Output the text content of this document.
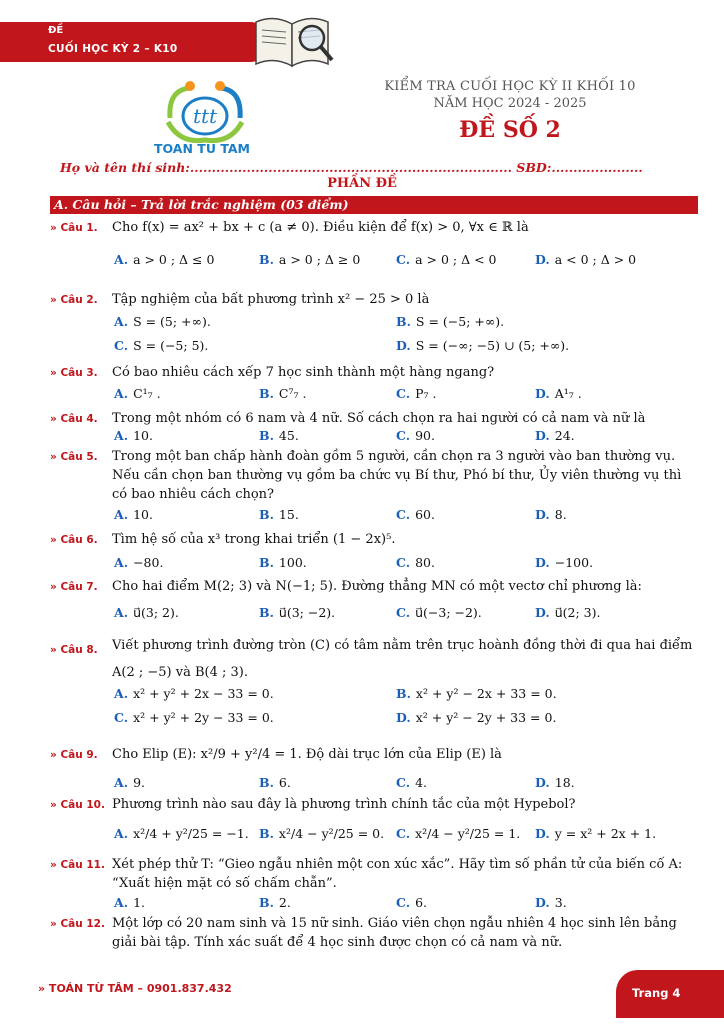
ĐỀ
CUỐI HỌC KỲ 2 – K10
ttt
TOAN TU TAM
KIỂM TRA CUỐI HỌC KỲ II KHỐI 10
NĂM HỌC 2024 - 2025
ĐỀ SỐ 2
Họ và tên thí sinh:.......................................................................... SBD:.....................
PHẦN ĐỀ
A. Câu hỏi – Trả lời trắc nghiệm (03 điểm)
» Câu 1. Cho f(x) = ax² + bx + c (a ≠ 0). Điều kiện để f(x) > 0, ∀x ∈ ℝ là
A. a > 0 ; Δ ≤ 0	B. a > 0 ; Δ ≥ 0	C. a > 0 ; Δ < 0	D. a < 0 ; Δ > 0
» Câu 2. Tập nghiệm của bất phương trình x² − 25 > 0 là
A. S = (5; +∞).	B. S = (−5; +∞).
C. S = (−5; 5).	D. S = (−∞; −5) ∪ (5; +∞).
» Câu 3. Có bao nhiêu cách xếp 7 học sinh thành một hàng ngang?
A. C¹₇ .	B. C⁷₇ .	C. P₇ .	D. A¹₇ .
» Câu 4. Trong một nhóm có 6 nam và 4 nữ. Số cách chọn ra hai người có cả nam và nữ là
A. 10.	B. 45.	C. 90.	D. 24.
» Câu 5. Trong một ban chấp hành đoàn gồm 5 người, cần chọn ra 3 người vào ban thường vụ. Nếu cần chọn ban thường vụ gồm ba chức vụ Bí thư, Phó bí thư, Ủy viên thường vụ thì có bao nhiêu cách chọn?
A. 10.	B. 15.	C. 60.	D. 8.
» Câu 6. Tìm hệ số của x³ trong khai triển (1 − 2x)⁵.
A. −80.	B. 100.	C. 80.	D. −100.
» Câu 7. Cho hai điểm M(2; 3) và N(−1; 5). Đường thẳng MN có một vectơ chỉ phương là:
A. u⃗(3; 2).	B. u⃗(3; −2).	C. u⃗(−3; −2).	D. u⃗(2; 3).
» Câu 8. Viết phương trình đường tròn (C) có tâm nằm trên trục hoành đồng thời đi qua hai điểm A(2 ; −5) và B(4 ; 3).
A. x² + y² + 2x − 33 = 0.	B. x² + y² − 2x + 33 = 0.
C. x² + y² + 2y − 33 = 0.	D. x² + y² − 2y + 33 = 0.
» Câu 9. Cho Elip (E): x²/9 + y²/4 = 1. Độ dài trục lớn của Elip (E) là
A. 9.	B. 6.	C. 4.	D. 18.
» Câu 10. Phương trình nào sau đây là phương trình chính tắc của một Hypebol?
A. x²/4 + y²/25 = −1. B. x²/4 − y²/25 = 0. C. x²/4 − y²/25 = 1. D. y = x² + 2x + 1.
» Câu 11. Xét phép thử T: “Gieo ngẫu nhiên một con xúc xắc”. Hãy tìm số phần tử của biến cố A: “Xuất hiện mặt có số chấm chẵn”.
A. 1.	B. 2.	C. 6.	D. 3.
» Câu 12. Một lớp có 20 nam sinh và 15 nữ sinh. Giáo viên chọn ngẫu nhiên 4 học sinh lên bảng giải bài tập. Tính xác suất để 4 học sinh được chọn có cả nam và nữ.
» TOÁN TỪ TÂM – 0901.837.432	Trang 4
